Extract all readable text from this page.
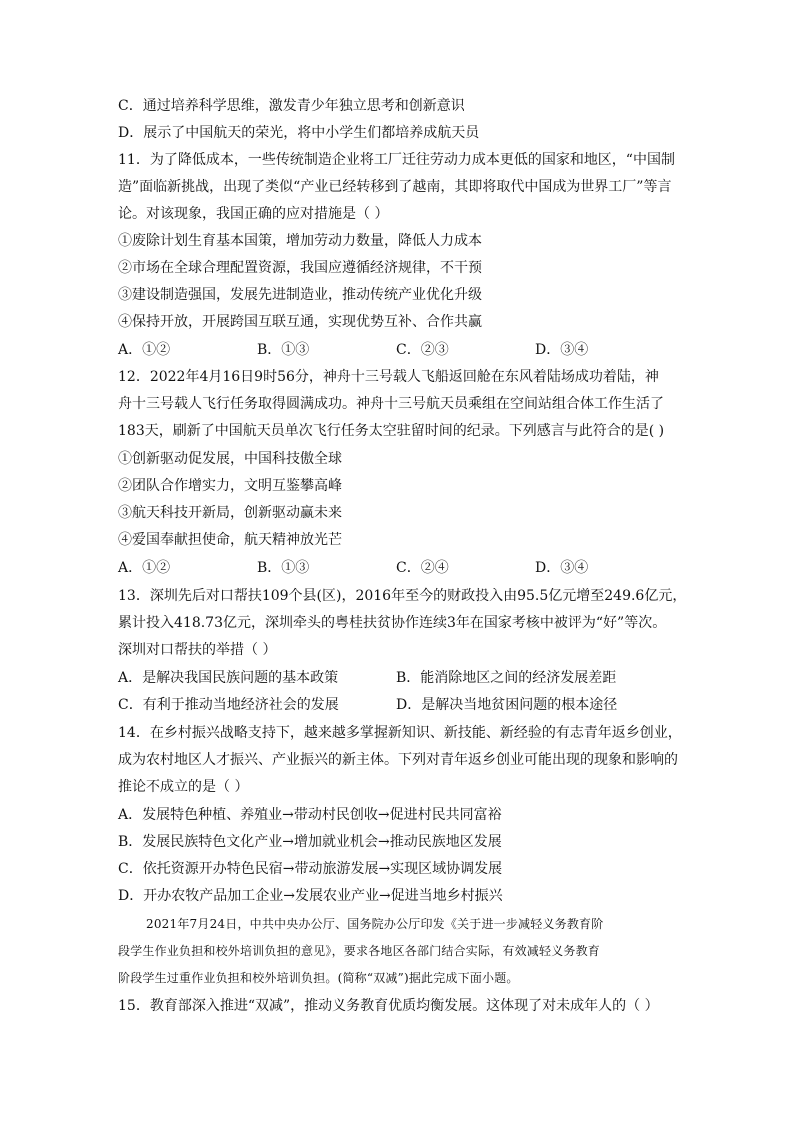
C．通过培养科学思维，激发青少年独立思考和创新意识
D．展示了中国航天的荣光，将中小学生们都培养成航天员
11．为了降低成本，一些传统制造企业将工厂迁往劳动力成本更低的国家和地区，“中国制
造”面临新挑战，出现了类似“产业已经转移到了越南，其即将取代中国成为世界工厂”等言
论。对该现象，我国正确的应对措施是（ ）
①废除计划生育基本国策，增加劳动力数量，降低人力成本
②市场在全球合理配置资源，我国应遵循经济规律，不干预
③建设制造强国，发展先进制造业，推动传统产业优化升级
④保持开放，开展跨国互联互通，实现优势互补、合作共赢
A．①②	B．①③	C．②③	D．③④
12．2022年4月16日9时56分，神舟十三号载人飞船返回舱在东风着陆场成功着陆，神
舟十三号载人飞行任务取得圆满成功。神舟十三号航天员乘组在空间站组合体工作生活了
183天，刷新了中国航天员单次飞行任务太空驻留时间的纪录。下列感言与此符合的是( )
①创新驱动促发展，中国科技傲全球
②团队合作增实力，文明互鉴攀高峰
③航天科技开新局，创新驱动赢未来
④爱国奉献担使命，航天精神放光芒
A．①②	B．①③	C．②④	D．③④
13．深圳先后对口帮扶109个县(区)，2016年至今的财政投入由95.5亿元增至249.6亿元，
累计投入418.73亿元，深圳牵头的粤桂扶贫协作连续3年在国家考核中被评为“好”等次。
深圳对口帮扶的举措（ ）
A．是解决我国民族问题的基本政策	B．能消除地区之间的经济发展差距
C．有利于推动当地经济社会的发展	D．是解决当地贫困问题的根本途径
14．在乡村振兴战略支持下，越来越多掌握新知识、新技能、新经验的有志青年返乡创业，
成为农村地区人才振兴、产业振兴的新主体。下列对青年返乡创业可能出现的现象和影响的
推论不成立的是（ ）
A．发展特色种植、养殖业→带动村民创收→促进村民共同富裕
B．发展民族特色文化产业→增加就业机会→推动民族地区发展
C．依托资源开办特色民宿→带动旅游发展→实现区域协调发展
D．开办农牧产品加工企业→发展农业产业→促进当地乡村振兴
2021年7月24日，中共中央办公厅、国务院办公厅印发《关于进一步减轻义务教育阶
段学生作业负担和校外培训负担的意见》，要求各地区各部门结合实际，有效减轻义务教育
阶段学生过重作业负担和校外培训负担。(简称“双减”)据此完成下面小题。
15．教育部深入推进“双减”，推动义务教育优质均衡发展。这体现了对未成年人的（ ）
